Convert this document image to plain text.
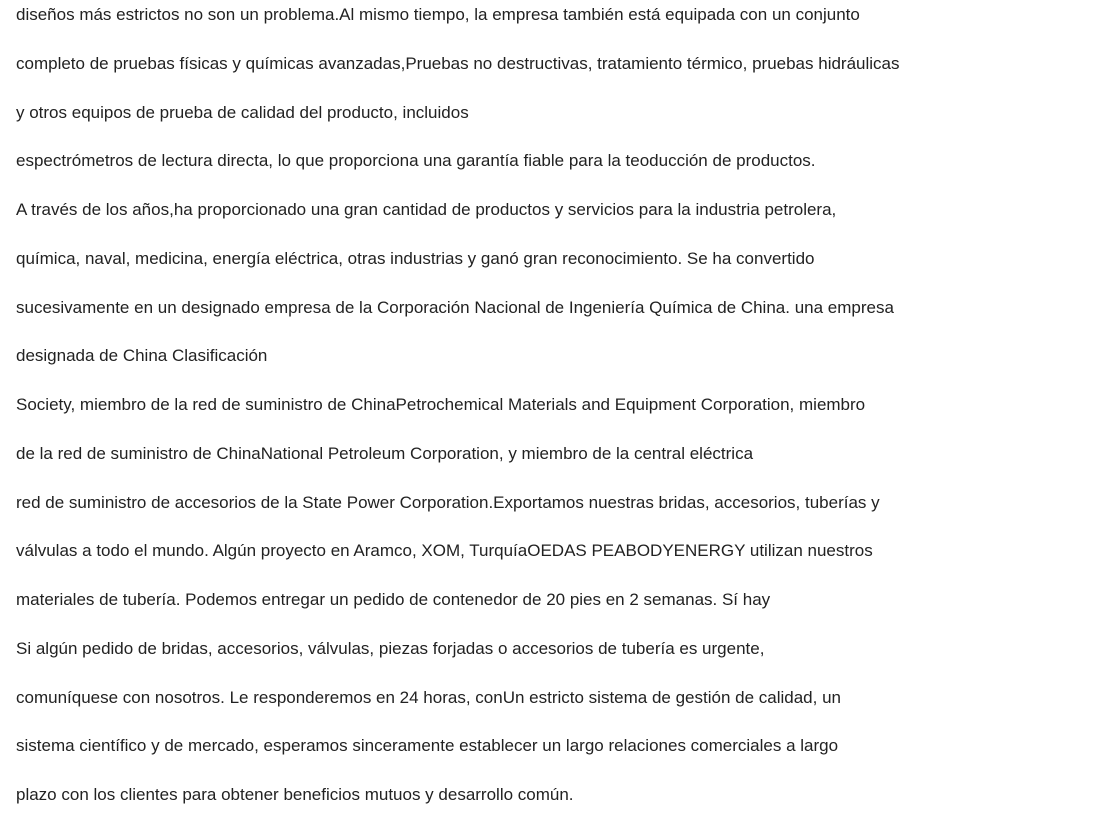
diseños más estrictos no son un problema.Al mismo tiempo, la empresa también está equipada con un conjunto

completo de pruebas físicas y químicas avanzadas,Pruebas no destructivas, tratamiento térmico, pruebas hidráulicas

y otros equipos de prueba de calidad del producto, incluidos

espectrómetros de lectura directa, lo que proporciona una garantía fiable para la teoducción de productos.

A través de los años,ha proporcionado una gran cantidad de productos y servicios para la industria petrolera,

química, naval, medicina, energía eléctrica, otras industrias y ganó gran reconocimiento. Se ha convertido

sucesivamente en un designado empresa de la Corporación Nacional de Ingeniería Química de China. una empresa

designada de China Clasificación

Society, miembro de la red de suministro de ChinaPetrochemical Materials and Equipment Corporation, miembro

de la red de suministro de ChinaNational Petroleum Corporation, y miembro de la central eléctrica

red de suministro de accesorios de la State Power Corporation.Exportamos nuestras bridas, accesorios, tuberías y

válvulas a todo el mundo. Algún proyecto en Aramco, XOM, TurquíaOEDAS PEABODYENERGY utilizan nuestros

materiales de tubería. Podemos entregar un pedido de contenedor de 20 pies en 2 semanas. Sí hay

Si algún pedido de bridas, accesorios, válvulas, piezas forjadas o accesorios de tubería es urgente,

comuníquese con nosotros. Le responderemos en 24 horas, conUn estricto sistema de gestión de calidad, un

sistema científico y de mercado, esperamos sinceramente establecer un largo relaciones comerciales a largo

plazo con los clientes para obtener beneficios mutuos y desarrollo común.
